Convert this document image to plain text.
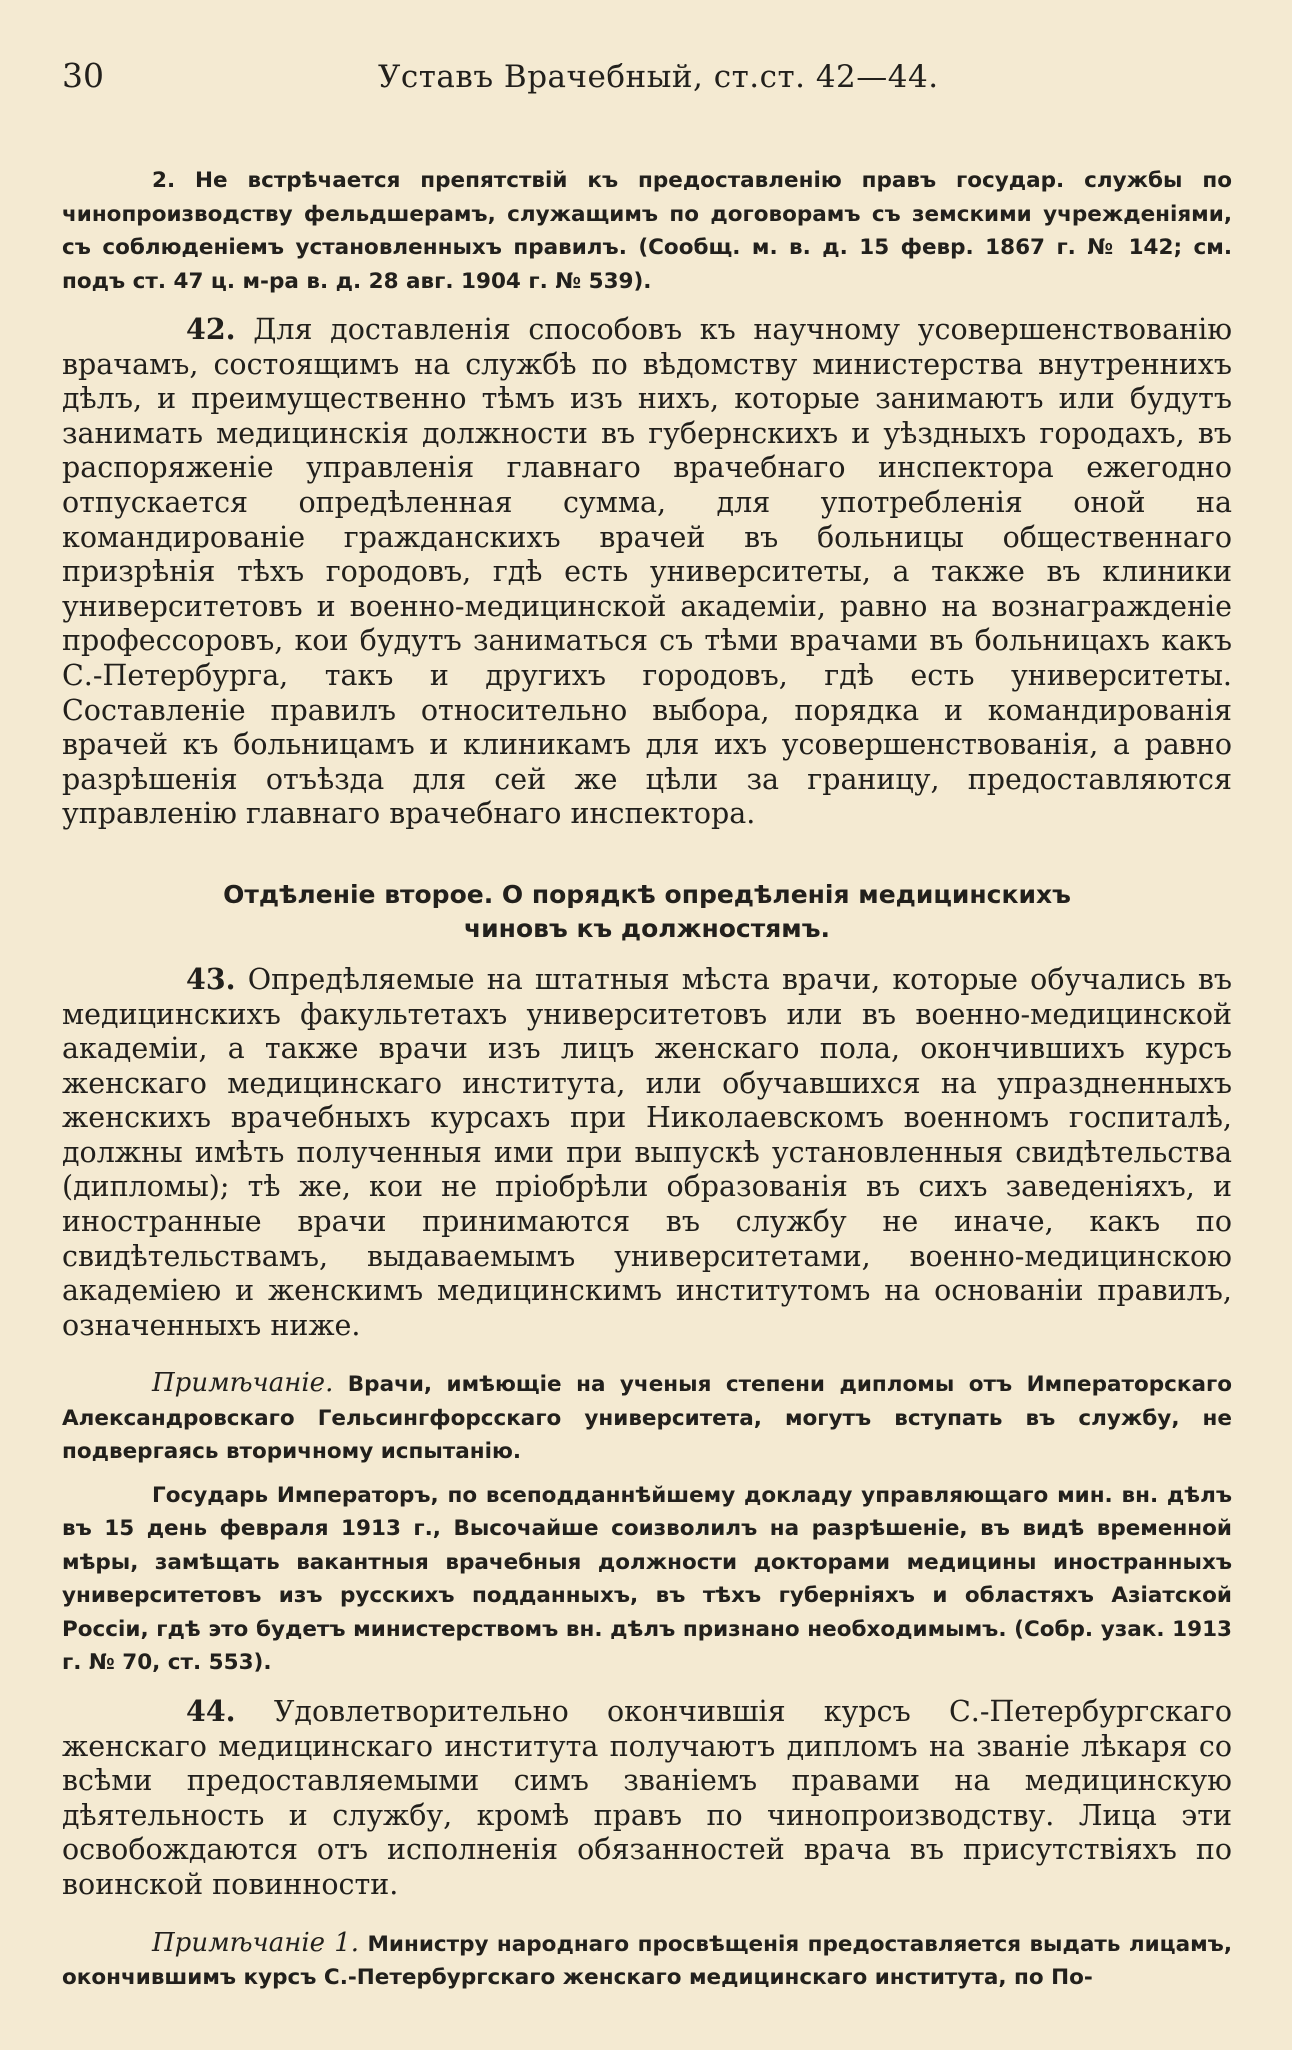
30	Уставъ Врачебный, ст.ст. 42—44.

2. Не встрѣчается препятствій къ предоставленію правъ государ. службы по чинопроизводству фельдшерамъ, служащимъ по договорамъ съ земскими учрежденіями, съ соблюденіемъ установленныхъ правилъ. (Сообщ. м. в. д. 15 февр. 1867 г. № 142; см. подъ ст. 47 ц. м-ра в. д. 28 авг. 1904 г. № 539).

42. Для доставленія способовъ къ научному усовершенствованію врачамъ, состоящимъ на службѣ по вѣдомству министерства внутреннихъ дѣлъ, и преимущественно тѣмъ изъ нихъ, которые занимаютъ или будутъ занимать медицинскія должности въ губернскихъ и уѣздныхъ городахъ, въ распоряженіе управленія главнаго врачебнаго инспектора ежегодно отпускается опредѣленная сумма, для употребленія оной на командированіе гражданскихъ врачей въ больницы общественнаго призрѣнія тѣхъ городовъ, гдѣ есть университеты, а также въ клиники университетовъ и военно-медицинской академіи, равно на вознагражденіе профессоровъ, кои будутъ заниматься съ тѣми врачами въ больницахъ какъ С.-Петербурга, такъ и другихъ городовъ, гдѣ есть университеты. Составленіе правилъ относительно выбора, порядка и командированія врачей къ больницамъ и клиникамъ для ихъ усовершенствованія, а равно разрѣшенія отъѣзда для сей же цѣли за границу, предоставляются управленію главнаго врачебнаго инспектора.

Отдѣленіе второе. О порядкѣ опредѣленія медицинскихъ
чиновъ къ должностямъ.

43. Опредѣляемые на штатныя мѣста врачи, которые обучались въ медицинскихъ факультетахъ университетовъ или въ военно-медицинской академіи, а также врачи изъ лицъ женскаго пола, окончившихъ курсъ женскаго медицинскаго института, или обучавшихся на упраздненныхъ женскихъ врачебныхъ курсахъ при Николаевскомъ военномъ госпиталѣ, должны имѣть полученныя ими при выпускѣ установленныя свидѣтельства (дипломы); тѣ же, кои не пріобрѣли образованія въ сихъ заведеніяхъ, и иностранные врачи принимаются въ службу не иначе, какъ по свидѣтельствамъ, выдаваемымъ университетами, военно-медицинскою академіею и женскимъ медицинскимъ институтомъ на основаніи правилъ, означенныхъ ниже.

Примѣчаніе. Врачи, имѣющіе на ученыя степени дипломы отъ Императорскаго Александровскаго Гельсингфорсскаго университета, могутъ вступать въ службу, не подвергаясь вторичному испытанію.

Государь Императоръ, по всеподданнѣйшему докладу управляющаго мин. вн. дѣлъ въ 15 день февраля 1913 г., Высочайше соизволилъ на разрѣшеніе, въ видѣ временной мѣры, замѣщать вакантныя врачебныя должности докторами медицины иностранныхъ университетовъ изъ русскихъ подданныхъ, въ тѣхъ губерніяхъ и областяхъ Азіатской Россіи, гдѣ это будетъ министерствомъ вн. дѣлъ признано необходимымъ. (Собр. узак. 1913 г. № 70, ст. 553).

44. Удовлетворительно окончившія курсъ С.-Петербургскаго женскаго медицинскаго института получаютъ дипломъ на званіе лѣкаря со всѣми предоставляемыми симъ званіемъ правами на медицинскую дѣятельность и службу, кромѣ правъ по чинопроизводству. Лица эти освобождаются отъ исполненія обязанностей врача въ присутствіяхъ по воинской повинности.

Примѣчаніе 1. Министру народнаго просвѣщенія предоставляется выдать лицамъ, окончившимъ курсъ С.-Петербургскаго женскаго медицинскаго института, по По-
